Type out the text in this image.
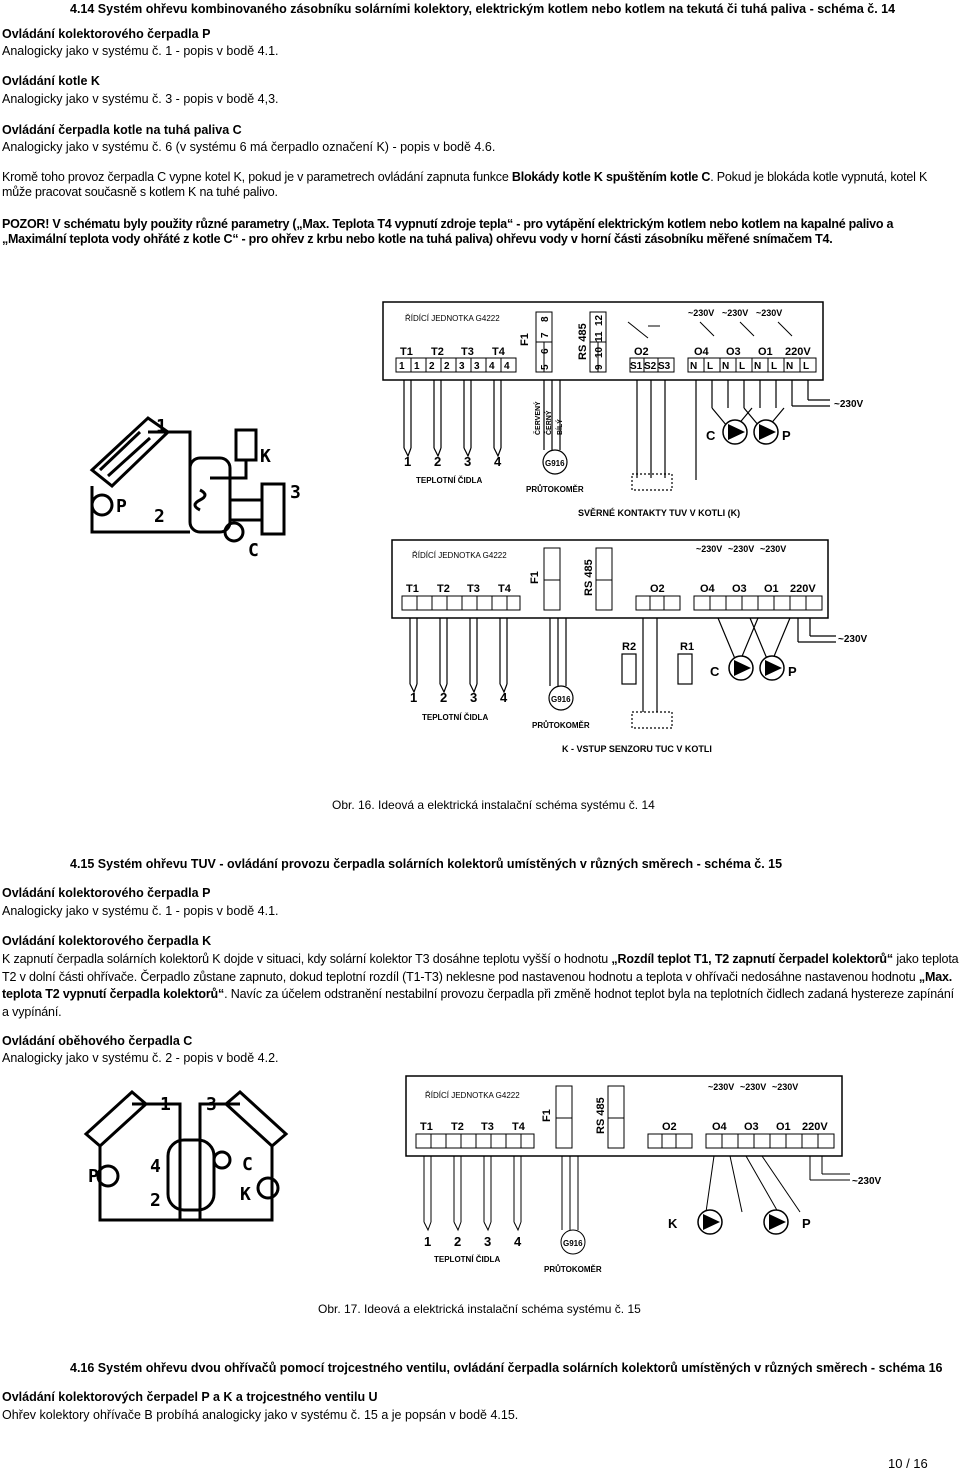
4.14 Systém ohřevu kombinovaného zásobníku solárními kolektory, elektrickým kotlem nebo kotlem na tekutá či tuhá paliva - schéma č. 14
Ovládání kolektorového čerpadla P
Analogicky jako v systému č. 1 - popis v bodě 4.1.
Ovládání kotle K
Analogicky jako v systému č. 3 - popis v bodě 4,3.
Ovládání čerpadla kotle na tuhá paliva C
Analogicky jako v systému č. 6 (v systému 6 má čerpadlo označení K) - popis v bodě 4.6.
Kromě toho provoz čerpadla C vypne kotel K, pokud je v parametrech ovládání zapnuta funkce Blokády kotle K spuštěním kotle C. Pokud je blokáda kotle vypnutá, kotel K může pracovat současně s kotlem K na tuhé palivo.
POZOR! V schématu byly použity různé parametry („Max. Teplota T4 vypnutí zdroje tepla“ - pro vytápění elektrickým kotlem nebo kotlem na kapalné palivo a „Maximální teplota vody ohřáté z kotle C“ - pro ohřev z krbu nebo kotle na tuhá paliva) ohřevu vody v horní části zásobníku měřené snímačem T4.
ŘÍDÍCÍ JEDNOTKA G4222
T1 T2 T3 T4
1 1 2 2 3 3 4 4
F1	RS 485	O2
S1 S2 S3
O4 O3 O1 220V
N L N L N L N L
~230V ~230V ~230V
8
7
6
5
12
11
10
9
C	P
~230V
1 2 3 4	G916
TEPLOTNÍ ČIDLA
PRŮTOKOMĚR
SVĚRNÉ KONTAKTY TUV V KOTLI (K)
ČERVENÝ ČERNÝ BÍLÝ
1
P
K
3
2
C	ŘÍDÍCÍ JEDNOTKA G4222
T1 T2 T3 T4
F1	RS 485	O2	O4 O3 O1 220V
~230V ~230V ~230V
~230V
R2	R1
C	P
1 2 3 4	G916
TEPLOTNÍ ČIDLA
PRŮTOKOMĚR
K - VSTUP SENZORU TUC V KOTLI
ŘÍDÍCÍ JEDNOTKA G4222
T1 T2 T3 T4
F1	RS 485	O2	O4 O3 O1 220V
~230V ~230V ~230V
~230V
K	P
1 2 3 4	G916
TEPLOTNÍ ČIDLA
PRŮTOKOMĚR
P
K
C
1
4
2
3
Obr. 16. Ideová a elektrická instalační schéma systému č. 14
4.15 Systém ohřevu TUV - ovládání provozu čerpadla solárních kolektorů umístěných v různých směrech - schéma č. 15
Ovládání kolektorového čerpadla P
Analogicky jako v systému č. 1 - popis v bodě 4.1.
Ovládání kolektorového čerpadla K
K zapnutí čerpadla solárních kolektorů K dojde v situaci, kdy solární kolektor T3 dosáhne teplotu vyšší o hodnotu „Rozdíl teplot T1, T2 zapnutí čerpadel kolektorů“ jako teplota T2 v dolní části ohřívače. Čerpadlo zůstane zapnuto, dokud teplotní rozdíl (T1-T3) neklesne pod nastavenou hodnotu a teplota v ohřívači nedosáhne nastavenou hodnotu „Max. teplota T2 vypnutí čerpadla kolektorů“. Navíc za účelem odstranění nestabilní provozu čerpadla při změně hodnot teplot byla na teplotních čidlech zadaná hystereze zapínání a vypínání.
Ovládání oběhového čerpadla C
Analogicky jako v systému č. 2 - popis v bodě 4.2.
Obr. 17. Ideová a elektrická instalační schéma systému č. 15
4.16 Systém ohřevu dvou ohřívačů pomocí trojcestného ventilu, ovládání čerpadla solárních kolektorů umístěných v různých směrech - schéma 16
Ovládání kolektorových čerpadel P a K a trojcestného ventilu U
Ohřev kolektory ohřívače B probíhá analogicky jako v systému č. 15 a je popsán v bodě 4.15.
10 / 16
